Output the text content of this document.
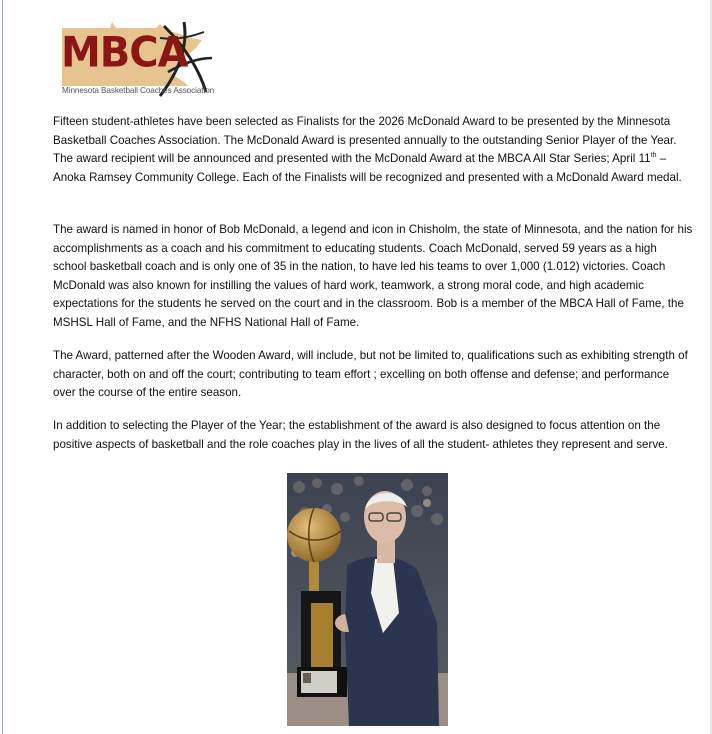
MBCA
Minnesota Basketball Coaches Association

Fifteen student-athletes have been selected as Finalists for the 2026 McDonald Award to be presented by the Minnesota Basketball Coaches Association. The McDonald Award is presented annually to the outstanding Senior Player of the Year. The award recipient will be announced and presented with the McDonald Award at the MBCA All Star Series; April 11th – Anoka Ramsey Community College. Each of the Finalists will be recognized and presented with a McDonald Award medal.

The award is named in honor of Bob McDonald, a legend and icon in Chisholm, the state of Minnesota, and the nation for his accomplishments as a coach and his commitment to educating students. Coach McDonald, served 59 years as a high school basketball coach and is only one of 35 in the nation, to have led his teams to over 1,000 (1.012) victories. Coach McDonald was also known for instilling the values of hard work, teamwork, a strong moral code, and high academic expectations for the students he served on the court and in the classroom. Bob is a member of the MBCA Hall of Fame, the MSHSL Hall of Fame, and the NFHS National Hall of Fame.

The Award, patterned after the Wooden Award, will include, but not be limited to, qualifications such as exhibiting strength of character, both on and off the court; contributing to team effort ; excelling on both offense and defense; and performance over the course of the entire season.

In addition to selecting the Player of the Year; the establishment of the award is also designed to focus attention on the positive aspects of basketball and the role coaches play in the lives of all the student- athletes they represent and serve.
